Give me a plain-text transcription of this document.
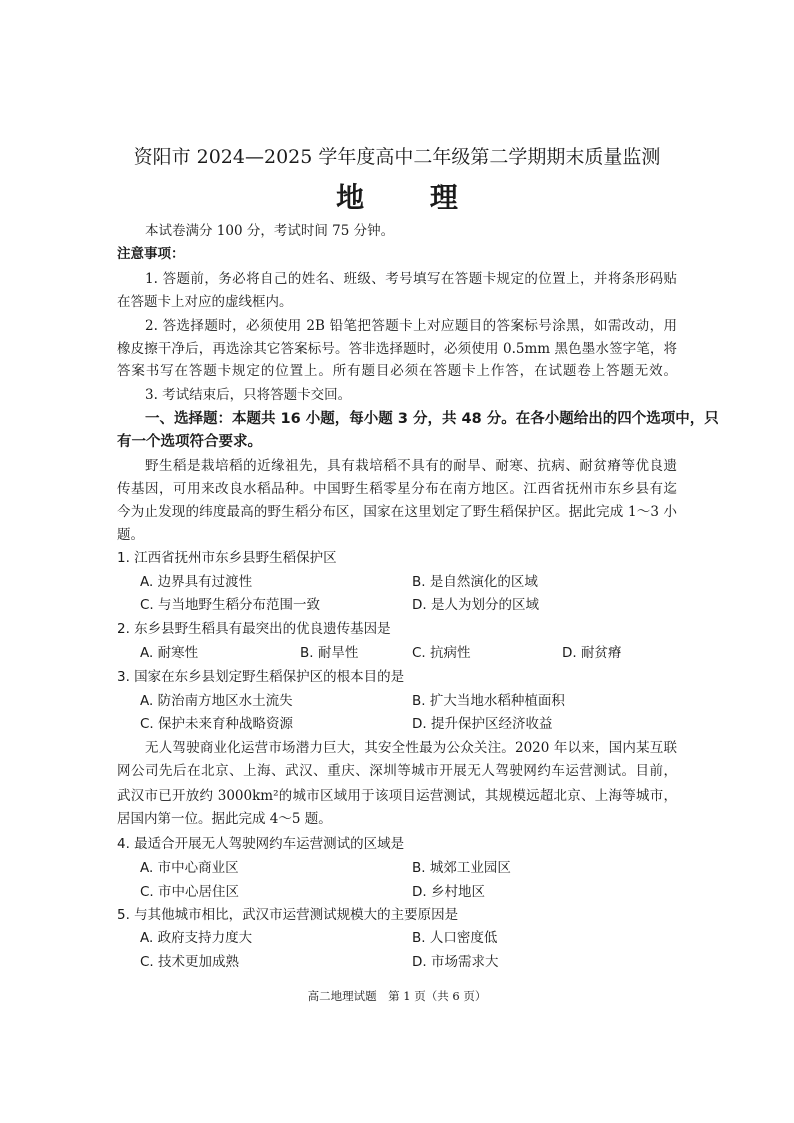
资阳市 2024—2025 学年度高中二年级第二学期期末质量监测
地 理
本试卷满分 100 分，考试时间 75 分钟。
注意事项：
1. 答题前，务必将自己的姓名、班级、考号填写在答题卡规定的位置上，并将条形码贴
在答题卡上对应的虚线框内。
2. 答选择题时，必须使用 2B 铅笔把答题卡上对应题目的答案标号涂黑，如需改动，用
橡皮擦干净后，再选涂其它答案标号。答非选择题时，必须使用 0.5mm 黑色墨水签字笔，将
答案书写在答题卡规定的位置上。所有题目必须在答题卡上作答，在试题卷上答题无效。
3. 考试结束后，只将答题卡交回。
一、选择题：本题共 16 小题，每小题 3 分，共 48 分。在各小题给出的四个选项中，只
有一个选项符合要求。
野生稻是栽培稻的近缘祖先，具有栽培稻不具有的耐旱、耐寒、抗病、耐贫瘠等优良遗
传基因，可用来改良水稻品种。中国野生稻零星分布在南方地区。江西省抚州市东乡县有迄
今为止发现的纬度最高的野生稻分布区，国家在这里划定了野生稻保护区。据此完成 1～3 小
题。
1. 江西省抚州市东乡县野生稻保护区
A. 边界具有过渡性	B. 是自然演化的区域
C. 与当地野生稻分布范围一致	D. 是人为划分的区域
2. 东乡县野生稻具有最突出的优良遗传基因是
A. 耐寒性	B. 耐旱性	C. 抗病性	D. 耐贫瘠
3. 国家在东乡县划定野生稻保护区的根本目的是
A. 防治南方地区水土流失	B. 扩大当地水稻种植面积
C. 保护未来育种战略资源	D. 提升保护区经济收益
无人驾驶商业化运营市场潜力巨大，其安全性最为公众关注。2020 年以来，国内某互联
网公司先后在北京、上海、武汉、重庆、深圳等城市开展无人驾驶网约车运营测试。目前，
武汉市已开放约 3000km²的城市区域用于该项目运营测试，其规模远超北京、上海等城市，
居国内第一位。据此完成 4～5 题。
4. 最适合开展无人驾驶网约车运营测试的区域是
A. 市中心商业区	B. 城郊工业园区
C. 市中心居住区	D. 乡村地区
5. 与其他城市相比，武汉市运营测试规模大的主要原因是
A. 政府支持力度大	B. 人口密度低
C. 技术更加成熟	D. 市场需求大
高二地理试题　第 1 页（共 6 页）
